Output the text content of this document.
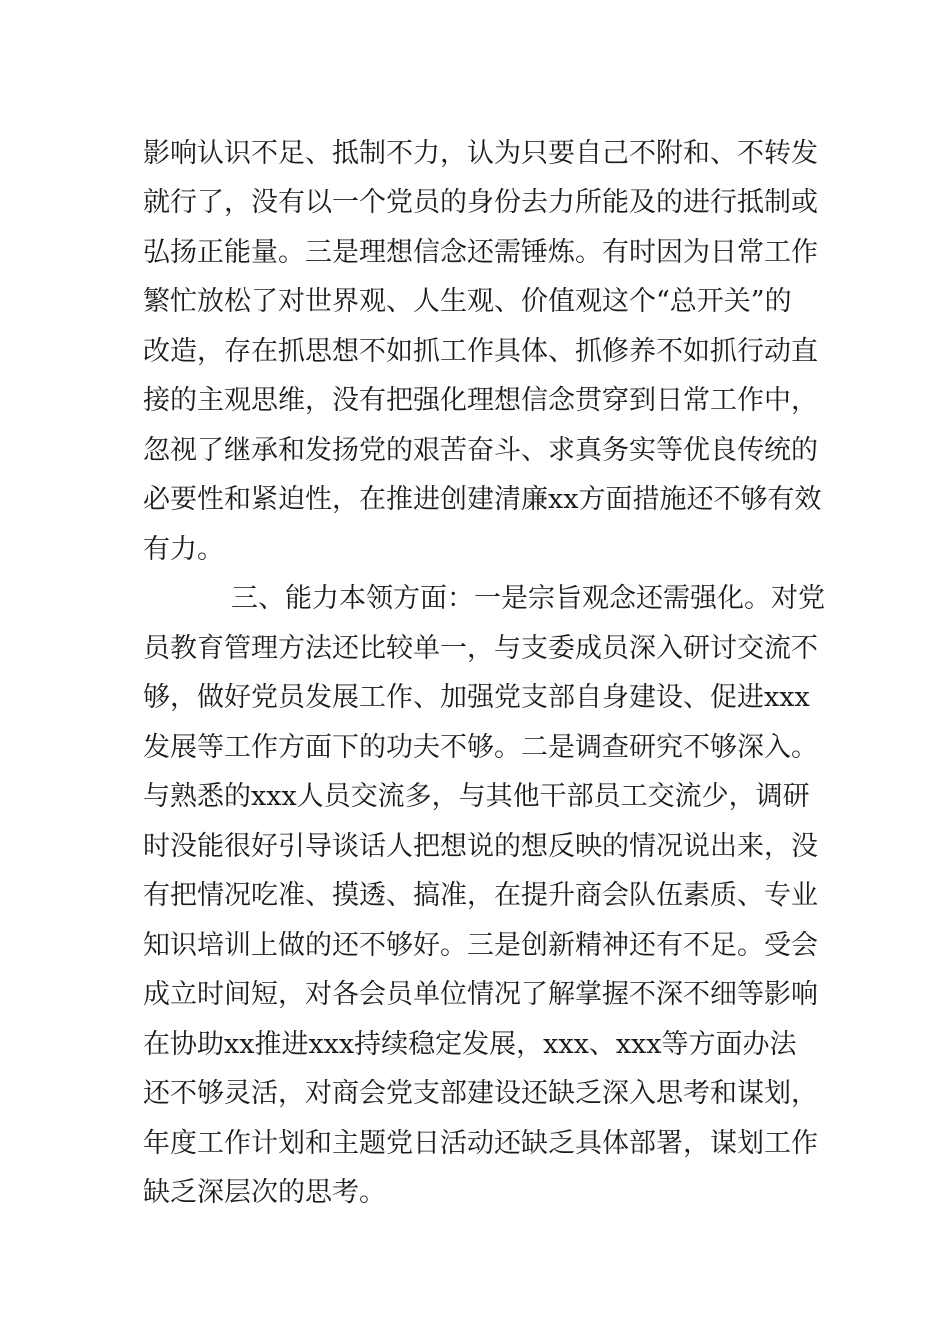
影响认识不足、抵制不力，认为只要自己不附和、不转发
就行了，没有以一个党员的身份去力所能及的进行抵制或
弘扬正能量。三是理想信念还需锤炼。有时因为日常工作
繁忙放松了对世界观、人生观、价值观这个“总开关”的
改造，存在抓思想不如抓工作具体、抓修养不如抓行动直
接的主观思维，没有把强化理想信念贯穿到日常工作中，
忽视了继承和发扬党的艰苦奋斗、求真务实等优良传统的
必要性和紧迫性，在推进创建清廉xx方面措施还不够有效
有力。
三、能力本领方面：一是宗旨观念还需强化。对党
员教育管理方法还比较单一，与支委成员深入研讨交流不
够，做好党员发展工作、加强党支部自身建设、促进xxx
发展等工作方面下的功夫不够。二是调查研究不够深入。
与熟悉的xxx人员交流多，与其他干部员工交流少，调研
时没能很好引导谈话人把想说的想反映的情况说出来，没
有把情况吃准、摸透、搞准，在提升商会队伍素质、专业
知识培训上做的还不够好。三是创新精神还有不足。受会
成立时间短，对各会员单位情况了解掌握不深不细等影响
在协助xx推进xxx持续稳定发展，xxx、xxx等方面办法
还不够灵活，对商会党支部建设还缺乏深入思考和谋划，
年度工作计划和主题党日活动还缺乏具体部署，谋划工作
缺乏深层次的思考。
